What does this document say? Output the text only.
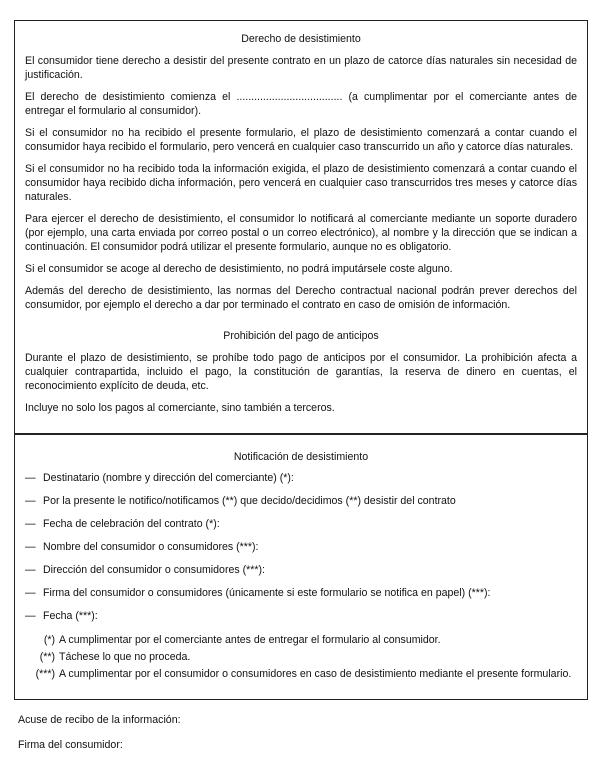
Derecho de desistimiento

El consumidor tiene derecho a desistir del presente contrato en un plazo de catorce días naturales sin necesidad de justificación.

El derecho de desistimiento comienza el .................................... (a cumplimentar por el comerciante antes de entregar el formulario al consumidor).

Si el consumidor no ha recibido el presente formulario, el plazo de desistimiento comenzará a contar cuando el consumidor haya recibido el formulario, pero vencerá en cualquier caso transcurrido un año y catorce días naturales.

Si el consumidor no ha recibido toda la información exigida, el plazo de desistimiento comenzará a contar cuando el consumidor haya recibido dicha información, pero vencerá en cualquier caso transcurridos tres meses y catorce días naturales.

Para ejercer el derecho de desistimiento, el consumidor lo notificará al comerciante mediante un soporte duradero (por ejemplo, una carta enviada por correo postal o un correo electrónico), al nombre y la dirección que se indican a continuación. El consumidor podrá utilizar el presente formulario, aunque no es obligatorio.

Si el consumidor se acoge al derecho de desistimiento, no podrá imputársele coste alguno.

Además del derecho de desistimiento, las normas del Derecho contractual nacional podrán prever derechos del consumidor, por ejemplo el derecho a dar por terminado el contrato en caso de omisión de información.

Prohibición del pago de anticipos

Durante el plazo de desistimiento, se prohíbe todo pago de anticipos por el consumidor. La prohibición afecta a cualquier contrapartida, incluido el pago, la constitución de garantías, la reserva de dinero en cuentas, el reconocimiento explícito de deuda, etc.

Incluye no solo los pagos al comerciante, sino también a terceros.

Notificación de desistimiento

— Destinatario (nombre y dirección del comerciante) (*):
— Por la presente le notifico/notificamos (**) que decido/decidimos (**) desistir del contrato
— Fecha de celebración del contrato (*):
— Nombre del consumidor o consumidores (***):
— Dirección del consumidor o consumidores (***):
— Firma del consumidor o consumidores (únicamente si este formulario se notifica en papel) (***):
— Fecha (***):
(*) A cumplimentar por el comerciante antes de entregar el formulario al consumidor.
(**) Táchese lo que no proceda.
(***) A cumplimentar por el consumidor o consumidores en caso de desistimiento mediante el presente formulario.

Acuse de recibo de la información:

Firma del consumidor:
